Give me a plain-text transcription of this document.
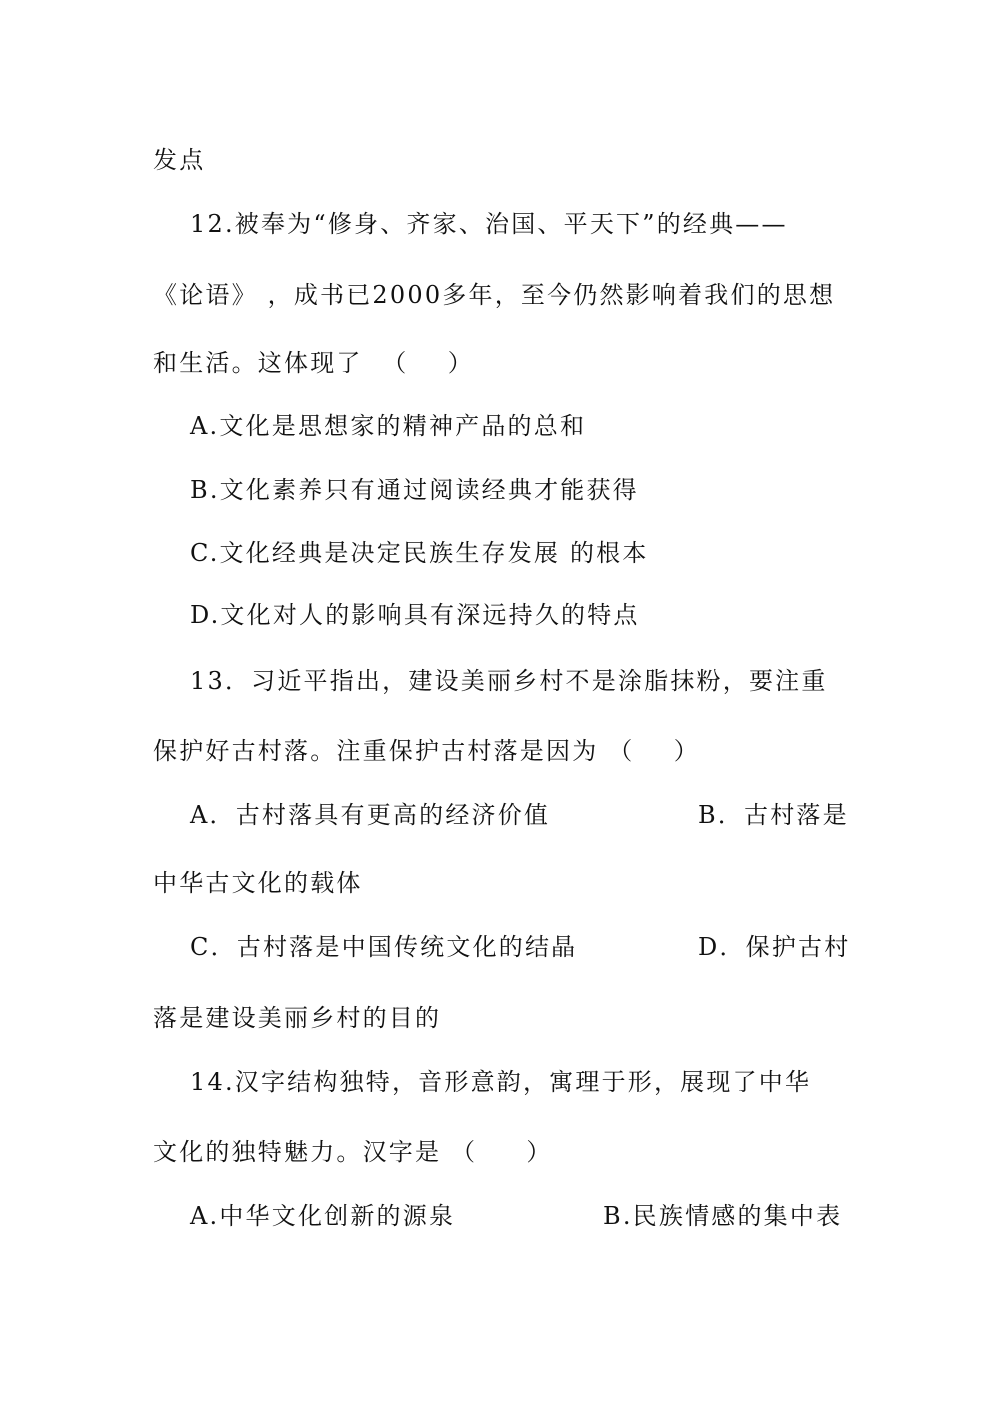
发点
12.被奉为“修身、齐家、治国、平天下”的经典——
《论语》 ，成书已2000多年，至今仍然影响着我们的思想
和生活。这体现了  （    ）
A.文化是思想家的精神产品的总和
B.文化素养只有通过阅读经典才能获得
C.文化经典是决定民族生存发展 的根本
D.文化对人的影响具有深远持久的特点
13．习近平指出，建设美丽乡村不是涂脂抹粉，要注重
保护好古村落。注重保护古村落是因为 （    ）
A．古村落具有更高的经济价值	B．古村落是
中华古文化的载体
C．古村落是中国传统文化的结晶	D．保护古村
落是建设美丽乡村的目的
14.汉字结构独特，音形意韵，寓理于形，展现了中华
文化的独特魅力。汉字是 （     ）
A.中华文化创新的源泉	B.民族情感的集中表
